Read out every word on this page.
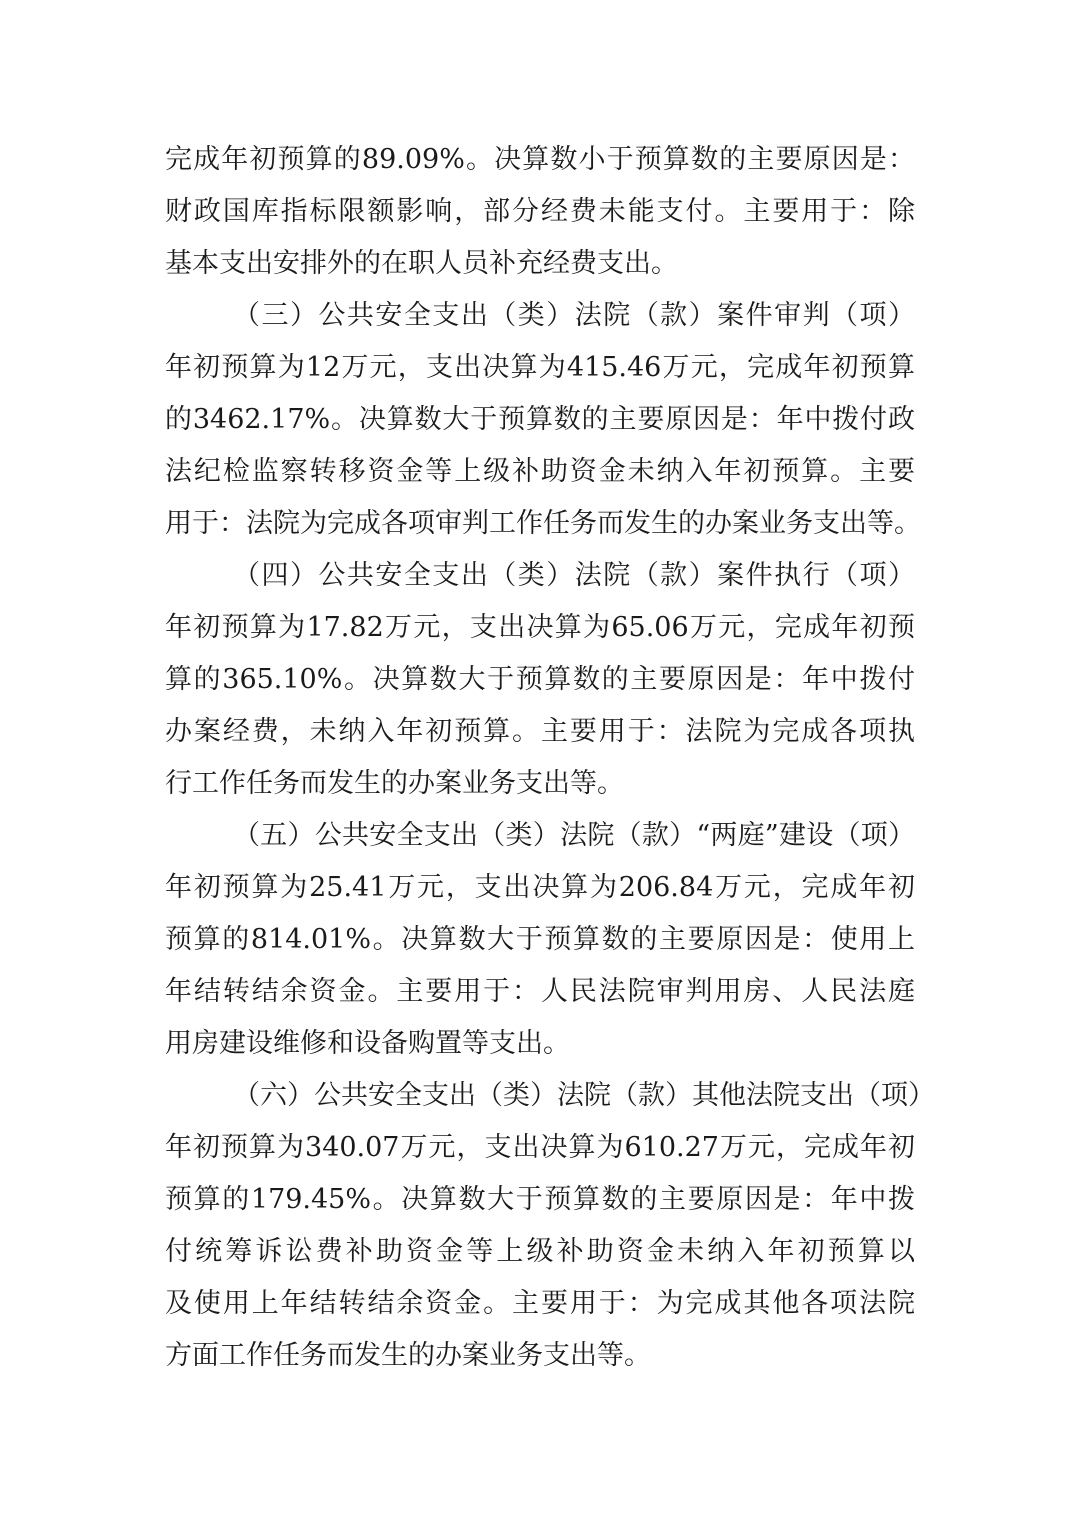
完成年初预算的89.09%。决算数小于预算数的主要原因是：
财政国库指标限额影响，部分经费未能支付。主要用于：除
基本支出安排外的在职人员补充经费支出。
（三）公共安全支出（类）法院（款）案件审判（项）
年初预算为12万元，支出决算为415.46万元，完成年初预算
的3462.17%。决算数大于预算数的主要原因是：年中拨付政
法纪检监察转移资金等上级补助资金未纳入年初预算。主要
用于：法院为完成各项审判工作任务而发生的办案业务支出等。
（四）公共安全支出（类）法院（款）案件执行（项）
年初预算为17.82万元，支出决算为65.06万元，完成年初预
算的365.10%。决算数大于预算数的主要原因是：年中拨付
办案经费，未纳入年初预算。主要用于：法院为完成各项执
行工作任务而发生的办案业务支出等。
（五）公共安全支出（类）法院（款）“两庭”建设（项）
年初预算为25.41万元，支出决算为206.84万元，完成年初
预算的814.01%。决算数大于预算数的主要原因是：使用上
年结转结余资金。主要用于：人民法院审判用房、人民法庭
用房建设维修和设备购置等支出。
（六）公共安全支出（类）法院（款）其他法院支出（项）
年初预算为340.07万元，支出决算为610.27万元，完成年初
预算的179.45%。决算数大于预算数的主要原因是：年中拨
付统筹诉讼费补助资金等上级补助资金未纳入年初预算以
及使用上年结转结余资金。主要用于：为完成其他各项法院
方面工作任务而发生的办案业务支出等。
